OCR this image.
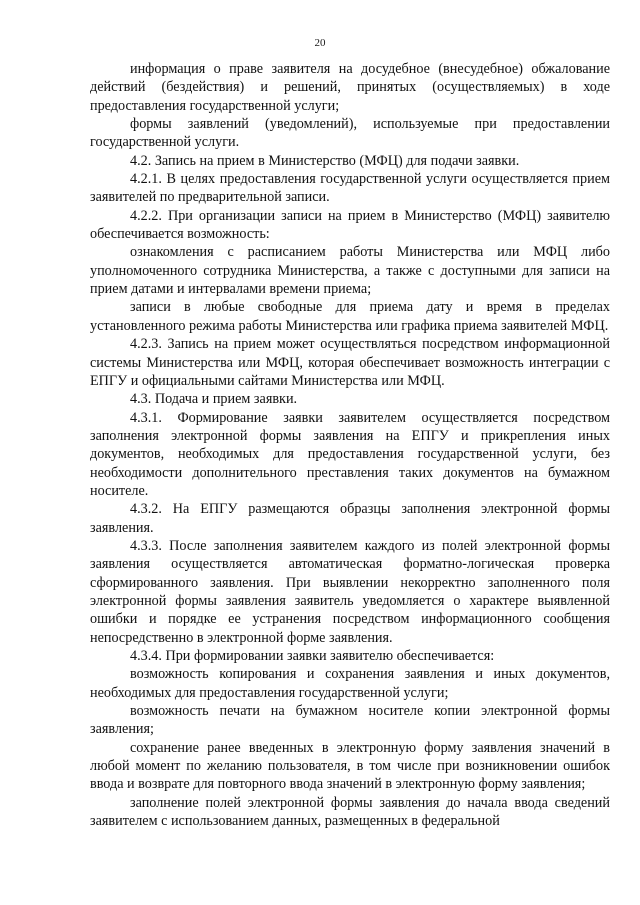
20

информация о праве заявителя на досудебное (внесудебное) обжалование действий (бездействия) и решений, принятых (осуществляемых) в ходе предоставления государственной услуги;

формы заявлений (уведомлений), используемые при предоставлении государственной услуги.

4.2. Запись на прием в Министерство (МФЦ) для подачи заявки.

4.2.1. В целях предоставления государственной услуги осуществляется прием заявителей по предварительной записи.

4.2.2. При организации записи на прием в Министерство (МФЦ) заявителю обеспечивается возможность:

ознакомления с расписанием работы Министерства или МФЦ либо уполномоченного сотрудника Министерства, а также с доступными для записи на прием датами и интервалами времени приема;

записи в любые свободные для приема дату и время в пределах установленного режима работы Министерства или графика приема заявителей МФЦ.

4.2.3. Запись на прием может осуществляться посредством информационной системы Министерства или МФЦ, которая обеспечивает возможность интеграции с ЕПГУ и официальными сайтами Министерства или МФЦ.

4.3. Подача и прием заявки.

4.3.1. Формирование заявки заявителем осуществляется посредством заполнения электронной формы заявления на ЕПГУ и прикрепления иных документов, необходимых для предоставления государственной услуги, без необходимости дополнительного преставления таких документов на бумажном носителе.

4.3.2. На ЕПГУ размещаются образцы заполнения электронной формы заявления.

4.3.3. После заполнения заявителем каждого из полей электронной формы заявления осуществляется автоматическая форматно-логическая проверка сформированного заявления. При выявлении некорректно заполненного поля электронной формы заявления заявитель уведомляется о характере выявленной ошибки и порядке ее устранения посредством информационного сообщения непосредственно в электронной форме заявления.

4.3.4. При формировании заявки заявителю обеспечивается:

возможность копирования и сохранения заявления и иных документов, необходимых для предоставления государственной услуги;

возможность печати на бумажном носителе копии электронной формы заявления;

сохранение ранее введенных в электронную форму заявления значений в любой момент по желанию пользователя, в том числе при возникновении ошибок ввода и возврате для повторного ввода значений в электронную форму заявления;

заполнение полей электронной формы заявления до начала ввода сведений заявителем с использованием данных, размещенных в федеральной
